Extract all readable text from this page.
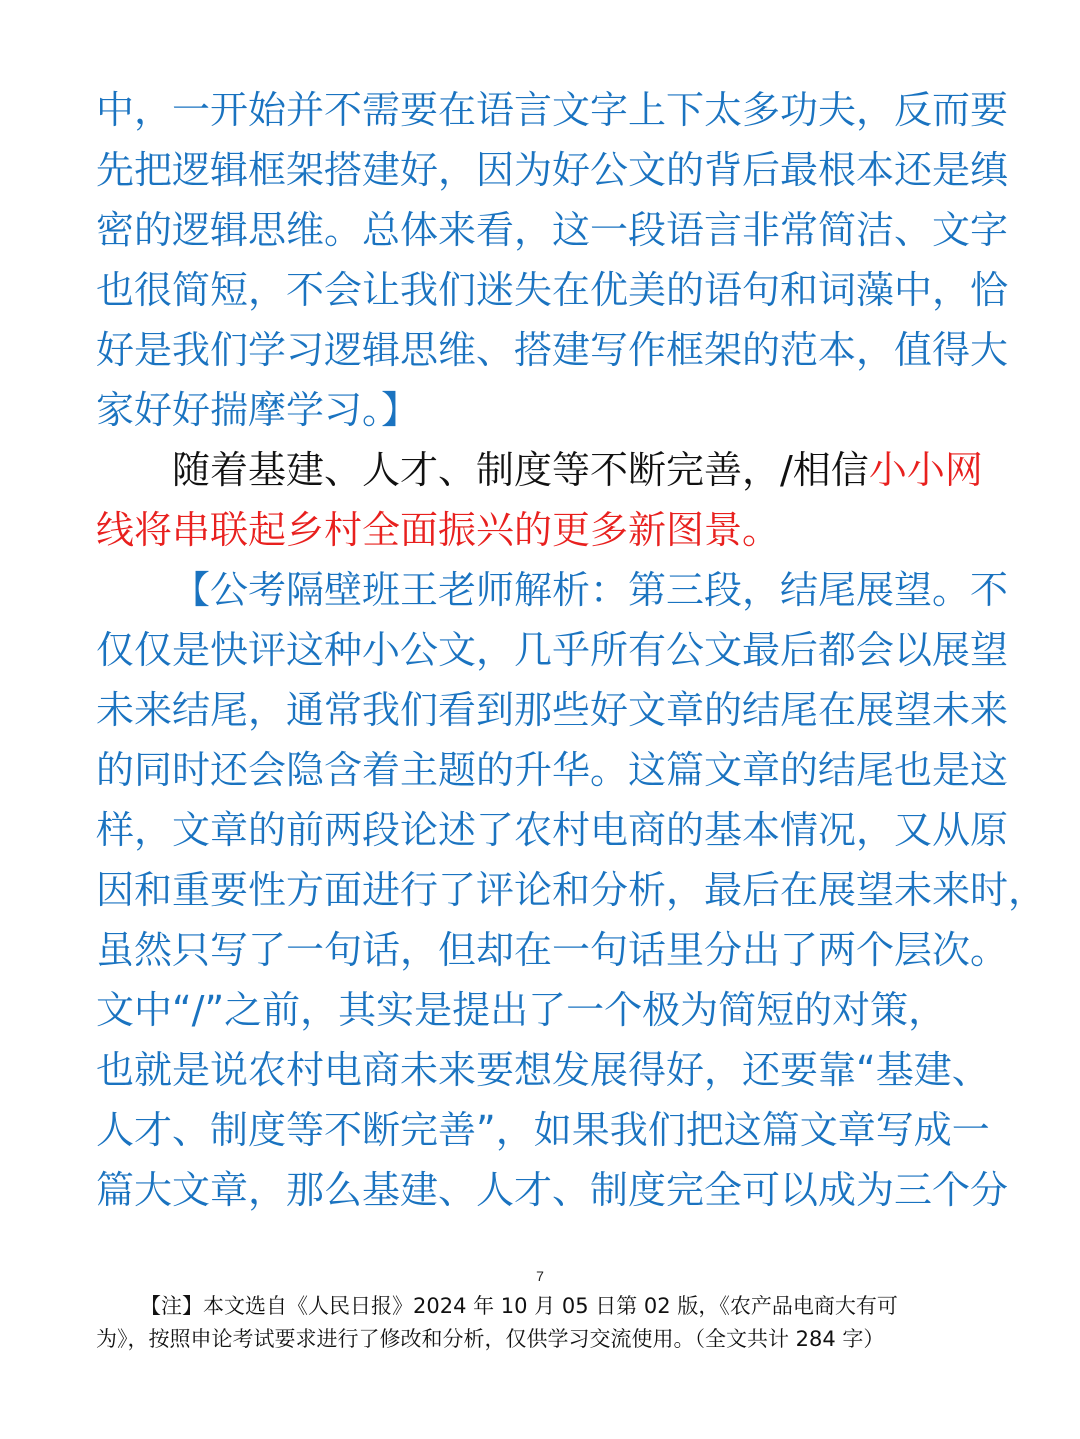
中，一开始并不需要在语言文字上下太多功夫，反而要
先把逻辑框架搭建好，因为好公文的背后最根本还是缜
密的逻辑思维。总体来看，这一段语言非常简洁、文字
也很简短，不会让我们迷失在优美的语句和词藻中，恰
好是我们学习逻辑思维、搭建写作框架的范本，值得大
家好好揣摩学习。】
随着基建、人才、制度等不断完善，/相信小小网
线将串联起乡村全面振兴的更多新图景。
【公考隔壁班王老师解析：第三段，结尾展望。不
仅仅是快评这种小公文，几乎所有公文最后都会以展望
未来结尾，通常我们看到那些好文章的结尾在展望未来
的同时还会隐含着主题的升华。这篇文章的结尾也是这
样，文章的前两段论述了农村电商的基本情况，又从原
因和重要性方面进行了评论和分析，最后在展望未来时，
虽然只写了一句话，但却在一句话里分出了两个层次。
文中“/”之前，其实是提出了一个极为简短的对策，
也就是说农村电商未来要想发展得好，还要靠“基建、
人才、制度等不断完善”，如果我们把这篇文章写成一
篇大文章，那么基建、人才、制度完全可以成为三个分
7
【注】本文选自《人民日报》2024 年 10 月 05 日第 02 版，《农产品电商大有可
为》，按照申论考试要求进行了修改和分析，仅供学习交流使用。（全文共计 284 字）
